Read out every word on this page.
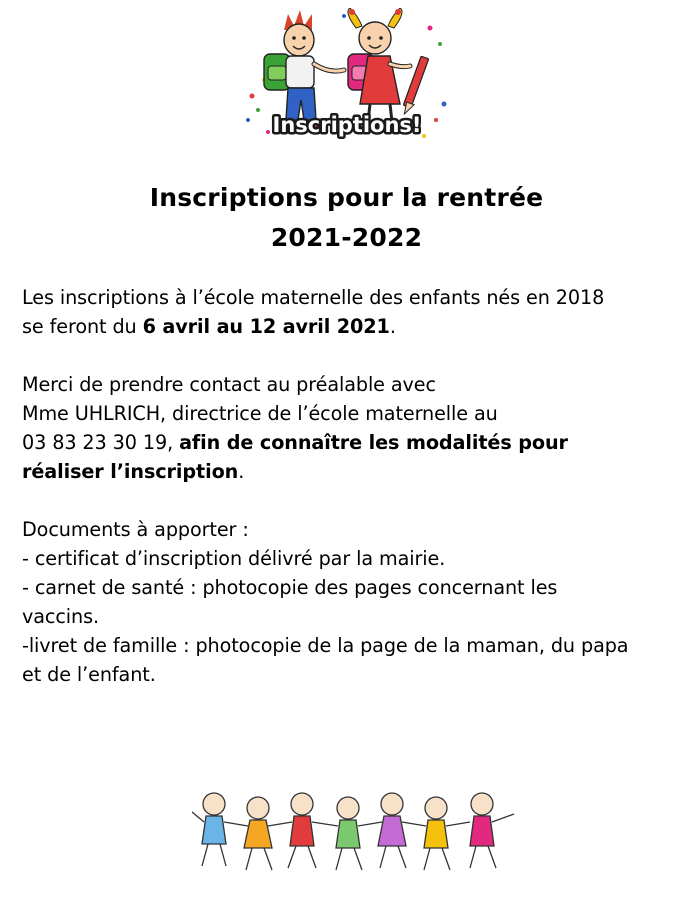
Inscriptions!
Inscriptions pour la rentrée
2021-2022

Les inscriptions à l’école maternelle des enfants nés en 2018
se feront du 6 avril au 12 avril 2021.

Merci de prendre contact au préalable avec
Mme UHLRICH, directrice de l’école maternelle au
03 83 23 30 19, afin de connaître les modalités pour
réaliser l’inscription.

Documents à apporter :
- certificat d’inscription délivré par la mairie.
- carnet de santé : photocopie des pages concernant les
vaccins.
-livret de famille : photocopie de la page de la maman, du papa
et de l’enfant.
